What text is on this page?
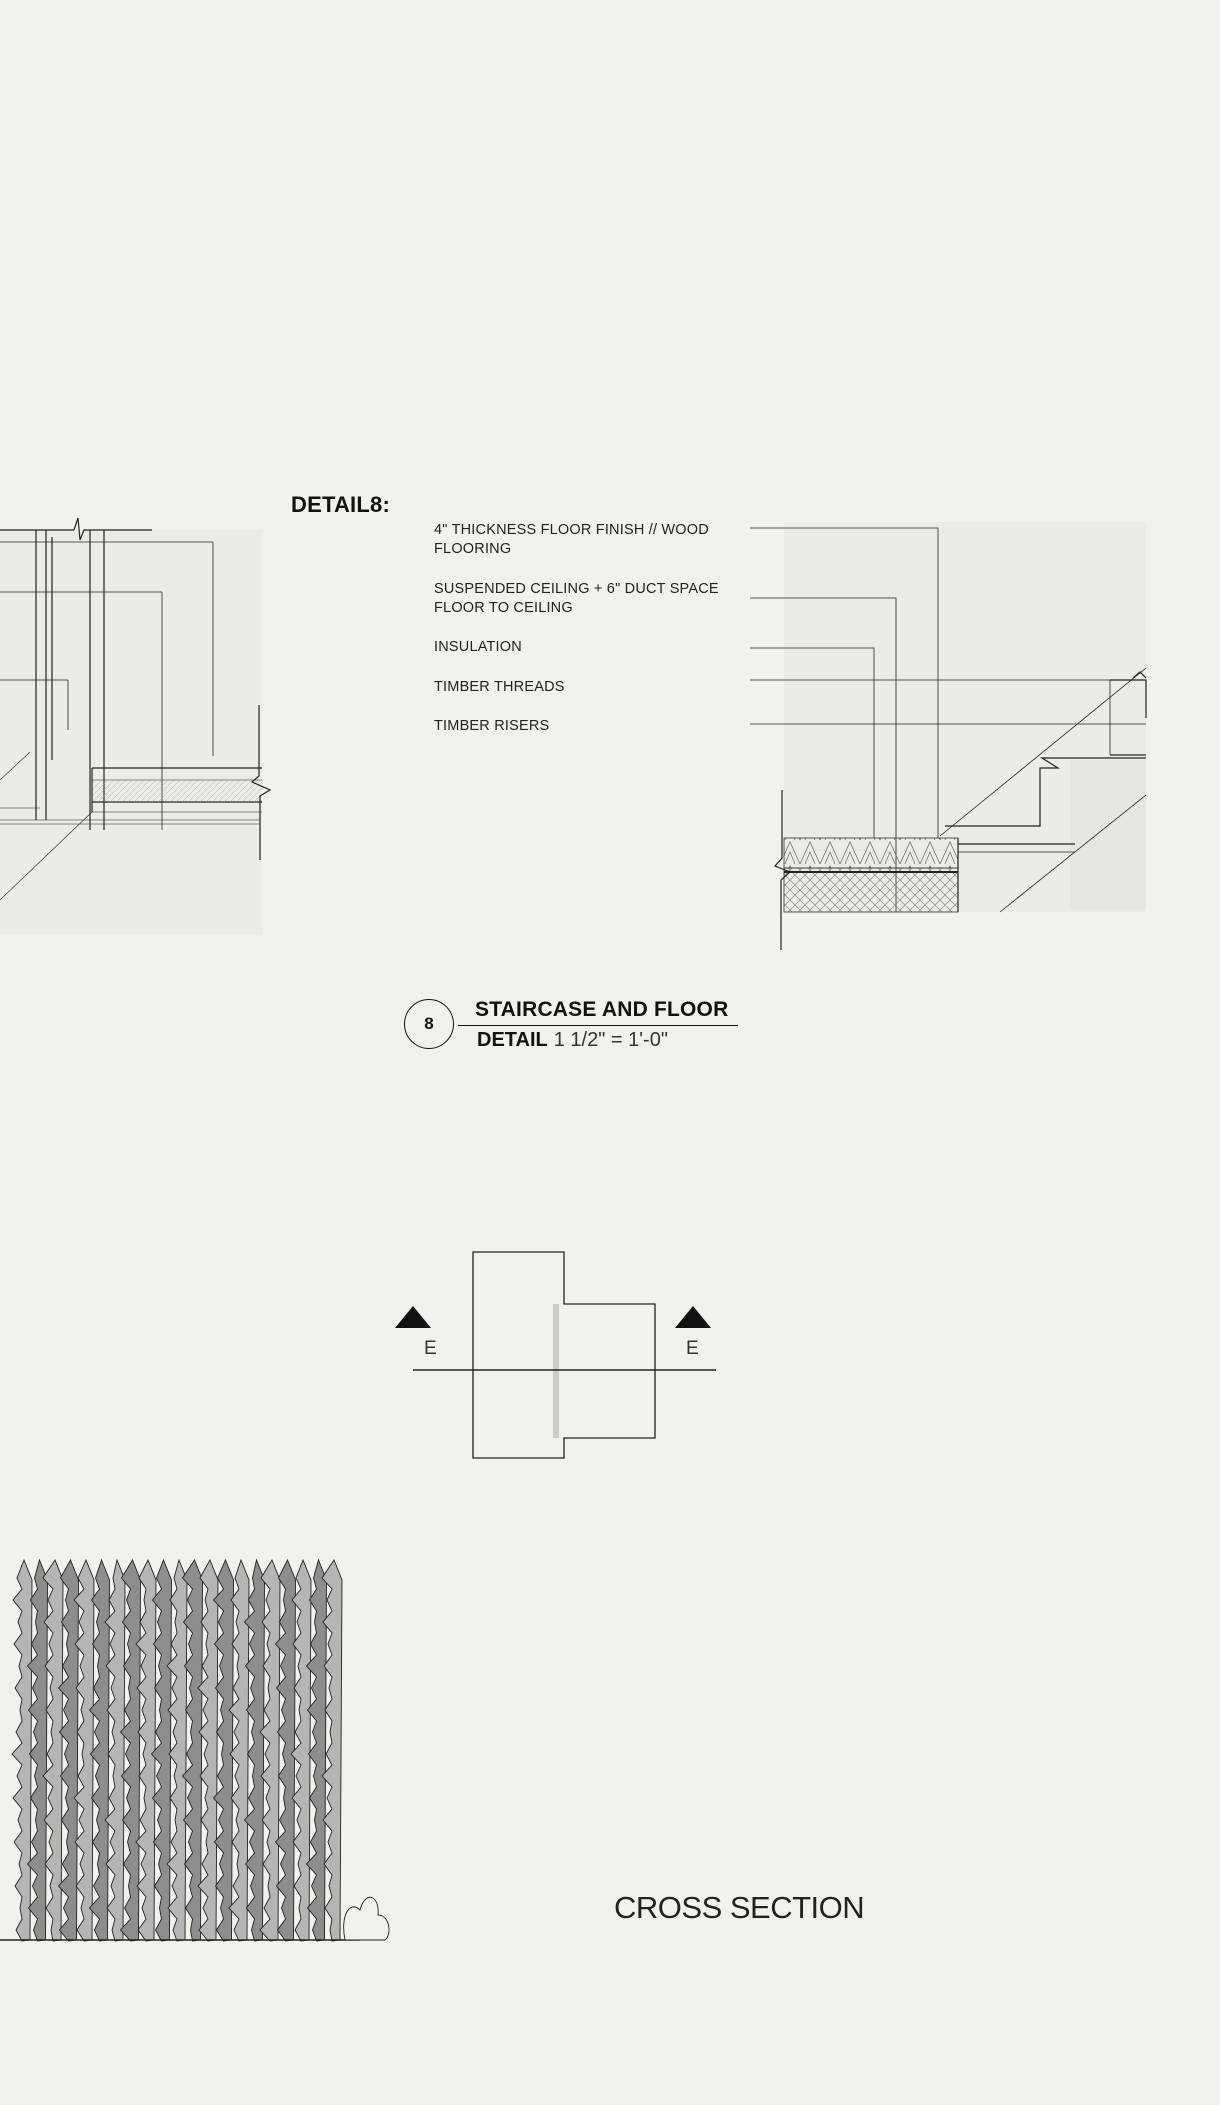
DETAIL8:
4" THICKNESS FLOOR FINISH // WOOD
FLOORING
SUSPENDED CEILING + 6" DUCT SPACE
FLOOR TO CEILING
INSULATION
TIMBER THREADS
TIMBER RISERS
8
STAIRCASE AND FLOOR
DETAIL 1 1/2" = 1'-0"
E	E
CROSS SECTION
